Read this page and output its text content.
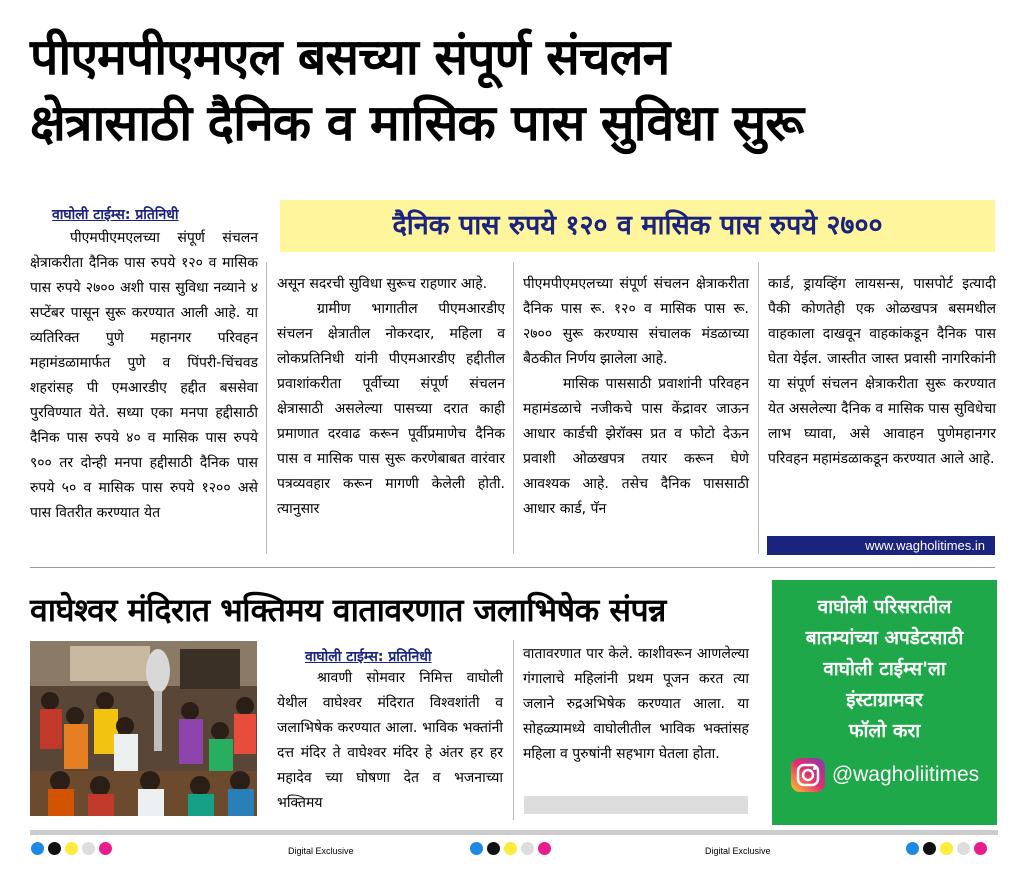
पीएमपीएमएल बसच्या संपूर्ण संचलन
क्षेत्रासाठी दैनिक व मासिक पास सुविधा सुरू
वाघोली टाईम्स: प्रतिनिधी	दैनिक पास रुपये १२० व मासिक पास रुपये २७००

पीएमपीएमएलच्या संपूर्ण संचलन क्षेत्राकरीता दैनिक पास रुपये १२० व मासिक पास रुपये २७०० अशी पास सुविधा नव्याने ४ सप्टेंबर पासून सुरू करण्यात आली आहे. या व्यतिरिक्त पुणे महानगर परिवहन महामंडळामार्फत पुणे व पिंपरी-चिंचवड शहरांसह पी एमआरडीए हद्दीत बससेवा पुरविण्यात येते. सध्या एका मनपा हद्दीसाठी दैनिक पास रुपये ४० व मासिक पास रुपये ९०० तर दोन्ही मनपा हद्दीसाठी दैनिक पास रुपये ५० व मासिक पास रुपये १२०० असे पास वितरीत करण्यात येत

असून सदरची सुविधा सुरूच राहणार आहे.

ग्रामीण भागातील पीएमआरडीए संचलन क्षेत्रातील नोकरदार, महिला व लोकप्रतिनिधी यांनी पीएमआरडीए हद्दीतील प्रवाशांकरीता पूर्वीच्या संपूर्ण संचलन क्षेत्रासाठी असलेल्या पासच्या दरात काही प्रमाणात दरवाढ करून पूर्वीप्रमाणेच दैनिक पास व मासिक पास सुरू करणेबाबत वारंवार पत्रव्यवहार करून मागणी केलेली होती. त्यानुसार

पीएमपीएमएलच्या संपूर्ण संचलन क्षेत्राकरीता दैनिक पास रू. १२० व मासिक पास रू. २७०० सुरू करण्यास संचालक मंडळाच्या बैठकीत निर्णय झालेला आहे.

मासिक पाससाठी प्रवाशांनी परिवहन महामंडळाचे नजीकचे पास केंद्रावर जाऊन आधार कार्डची झेरॉक्स प्रत व फोटो देऊन प्रवाशी ओळखपत्र तयार करून घेणे आवश्यक आहे. तसेच दैनिक पाससाठी आधार कार्ड, पॅन

कार्ड, ड्रायव्हिंग लायसन्स, पासपोर्ट इत्यादी पैकी कोणतेही एक ओळखपत्र बसमधील वाहकाला दाखवून वाहकांकडून दैनिक पास घेता येईल. जास्तीत जास्त प्रवासी नागरिकांनी या संपूर्ण संचलन क्षेत्राकरीता सुरू करण्यात येत असलेल्या दैनिक व मासिक पास सुविधेचा लाभ घ्यावा, असे आवाहन पुणेमहानगर परिवहन महामंडळाकडून करण्यात आले आहे.

www.wagholitimes.in
वाघेश्वर मंदिरात भक्तिमय वातावरणात जलाभिषेक संपन्न
वाघोली टाईम्स: प्रतिनिधी

श्रावणी सोमवार निमित्त वाघोली येथील वाघेश्वर मंदिरात विश्वशांती व जलाभिषेक करण्यात आला. भाविक भक्तांनी दत्त मंदिर ते वाघेश्वर मंदिर हे अंतर हर हर महादेव च्या घोषणा देत व भजनाच्या भक्तिमय

वातावरणात पार केले. काशीवरून आणलेल्या गंगालाचे महिलांनी प्रथम पूजन करत त्या जलाने रुद्रअभिषेक करण्यात आला. या सोहळ्यामध्ये वाघोलीतील भाविक भक्तांसह महिला व पुरुषांनी सहभाग घेतला होता.

वाघोली परिसरातील
बातम्यांच्या अपडेटसाठी
वाघोली टाईम्स'ला
इंस्टाग्रामवर
फॉलो करा
@wagholiitimes
Digital Exclusive	Digital Exclusive
